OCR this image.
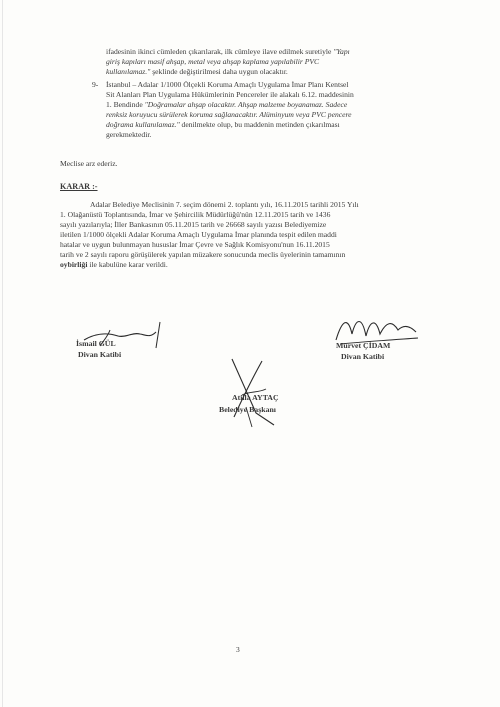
ifadesinin ikinci cümleden çıkarılarak, ilk cümleye ilave edilmek suretiyle "Yapı
giriş kapıları masif ahşap, metal veya ahşap kaplama yapılabilir PVC
kullanılamaz." şeklinde değiştirilmesi daha uygun olacaktır.
9- İstanbul – Adalar 1/1000 Ölçekli Koruma Amaçlı Uygulama İmar Planı Kentsel
Sit Alanları Plan Uygulama Hükümlerinin Pencereler ile alakalı 6.12. maddesinin
1. Bendinde "Doğramalar ahşap olacaktır. Ahşap malzeme boyanamaz. Sadece
renksiz koruyucu sürülerek koruma sağlanacaktır. Alüminyum veya PVC pencere
doğrama kullanılamaz." denilmekte olup, bu maddenin metinden çıkarılması
gerekmektedir.
Meclise arz ederiz.
KARAR :-
Adalar Belediye Meclisinin 7. seçim dönemi 2. toplantı yılı, 16.11.2015 tarihli 2015 Yılı
1. Olağanüstü Toplantısında, İmar ve Şehircilik Müdürlüğü'nün 12.11.2015 tarih ve 1436
sayılı yazılarıyla; İller Bankasının 05.11.2015 tarih ve 26668 sayılı yazısı Belediyemize
iletilen 1/1000 ölçekli Adalar Koruma Amaçlı Uygulama İmar planında tespit edilen maddi
hatalar ve uygun bulunmayan hususlar İmar Çevre ve Sağlık Komisyonu'nun 16.11.2015
tarih ve 2 sayılı raporu görüşülerek yapılan müzakere sonucunda meclis üyelerinin tamamının
oybirliği ile kabulüne karar verildi.
İsmail GÜL
Divan Katibi
Mürvet ÇİDAM
Divan Katibi
Atilla AYTAÇ
Belediye Başkanı
3
